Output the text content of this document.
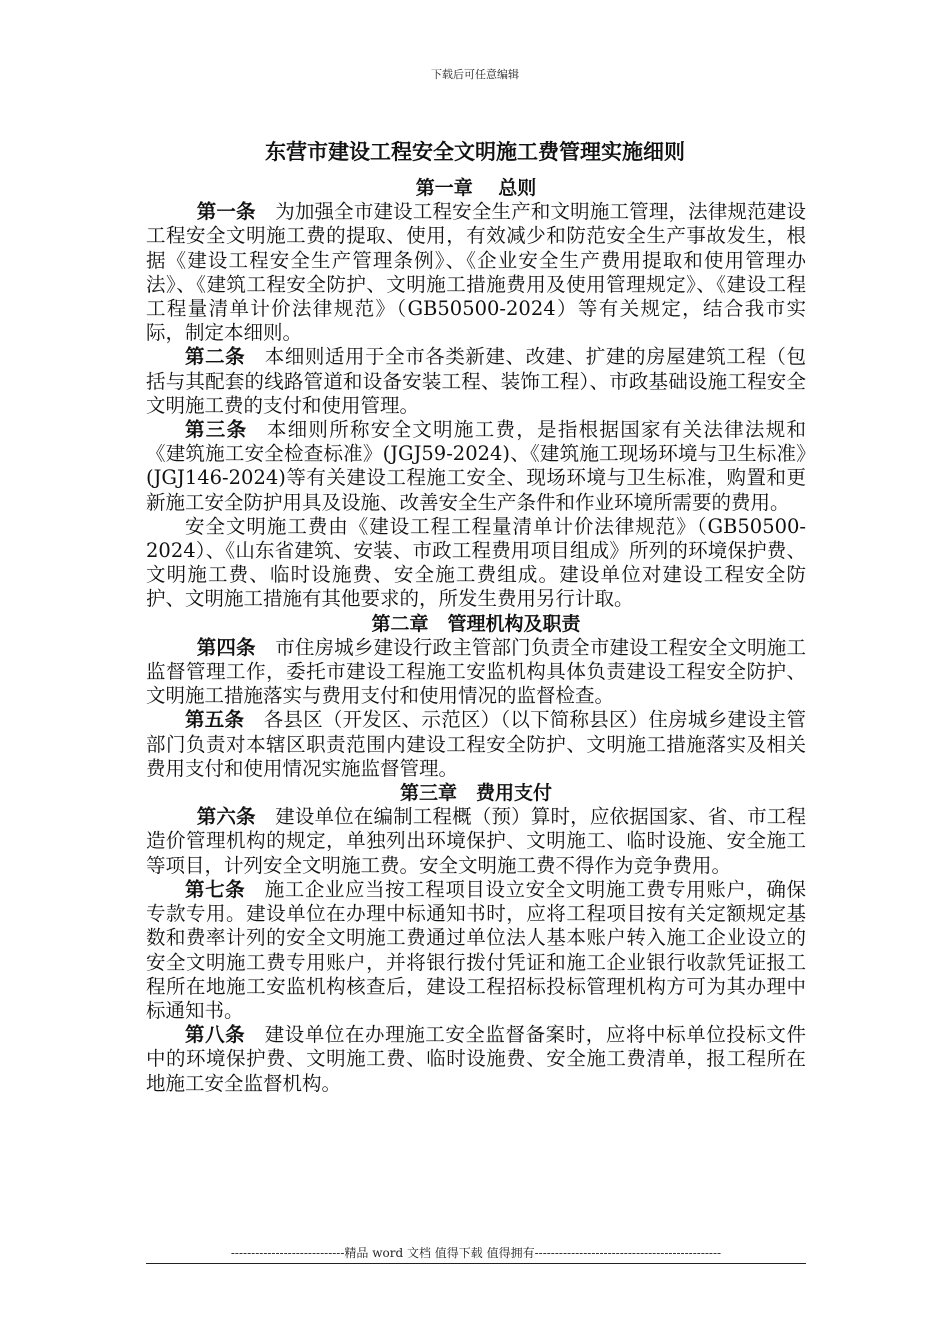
下载后可任意编辑
东营市建设工程安全文明施工费管理实施细则

第一章　 总则

第一条 为加强全市建设工程安全生产和文明施工管理，法律规范建设工程安全文明施工费的提取、使用，有效减少和防范安全生产事故发生，根据《建设工程安全生产管理条例》、《企业安全生产费用提取和使用管理办法》、《建筑工程安全防护、文明施工措施费用及使用管理规定》、《建设工程工程量清单计价法律规范》（GB50500-2024）等有关规定，结合我市实际，制定本细则。

第二条 本细则适用于全市各类新建、改建、扩建的房屋建筑工程（包括与其配套的线路管道和设备安装工程、装饰工程）、市政基础设施工程安全文明施工费的支付和使用管理。

第三条 本细则所称安全文明施工费，是指根据国家有关法律法规和《建筑施工安全检查标准》(JGJ59-2024)、《建筑施工现场环境与卫生标准》(JGJ146-2024)等有关建设工程施工安全、现场环境与卫生标准，购置和更新施工安全防护用具及设施、改善安全生产条件和作业环境所需要的费用。

安全文明施工费由《建设工程工程量清单计价法律规范》（GB50500-2024）、《山东省建筑、安装、市政工程费用项目组成》所列的环境保护费、文明施工费、临时设施费、安全施工费组成。建设单位对建设工程安全防护、文明施工措施有其他要求的，所发生费用另行计取。

第二章　管理机构及职责

第四条 市住房城乡建设行政主管部门负责全市建设工程安全文明施工监督管理工作，委托市建设工程施工安监机构具体负责建设工程安全防护、文明施工措施落实与费用支付和使用情况的监督检查。

第五条 各县区（开发区、示范区）（以下简称县区）住房城乡建设主管部门负责对本辖区职责范围内建设工程安全防护、文明施工措施落实及相关费用支付和使用情况实施监督管理。

第三章　费用支付

第六条 建设单位在编制工程概（预）算时，应依据国家、省、市工程造价管理机构的规定，单独列出环境保护、文明施工、临时设施、安全施工等项目，计列安全文明施工费。安全文明施工费不得作为竞争费用。

第七条 施工企业应当按工程项目设立安全文明施工费专用账户，确保专款专用。建设单位在办理中标通知书时，应将工程项目按有关定额规定基数和费率计列的安全文明施工费通过单位法人基本账户转入施工企业设立的安全文明施工费专用账户，并将银行拨付凭证和施工企业银行收款凭证报工程所在地施工安监机构核查后，建设工程招标投标管理机构方可为其办理中标通知书。

第八条 建设单位在办理施工安全监督备案时，应将中标单位投标文件中的环境保护费、文明施工费、临时设施费、安全施工费清单，报工程所在地施工安全监督机构。

----------------------------精品 word 文档 值得下载 值得拥有----------------------------------------------
